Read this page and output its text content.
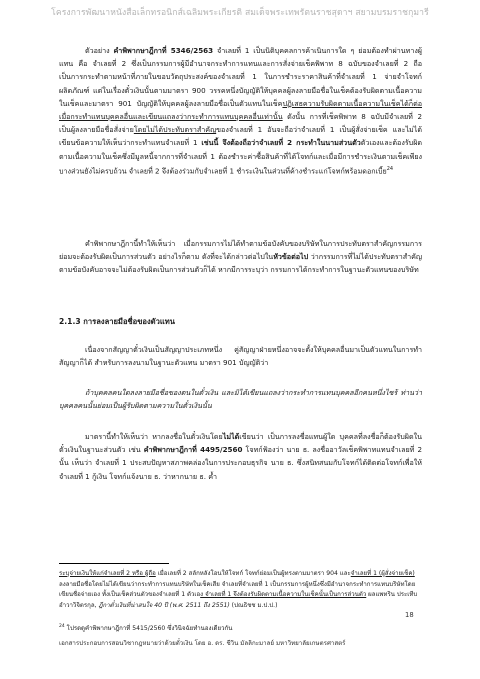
โครงการพัฒนาหนังสือเล็กทรอนิกส์เฉลิมพระเกียรติ สมเด็จพระเทพรัตนราชสุดาฯ สยามบรมราชกุมารี

ตัวอย่าง คำพิพากษาฎีกาที่ 5346/2563 จำเลยที่ 1 เป็นนิติบุคคลการค้าเนินการใด ๆ ย่อมต้องทำผ่านทางผู้แทน คือ จำเลยที่ 2 ซึ่งเป็นกรรมการผู้มีอำนาจกระทำการแทนและการสั่งจ่ายเช็คพิพาท 8 ฉบับของจำเลยที่ 2 ถือเป็นการกระทำตามหน้าที่ภายในขอบวัตถุประสงค์ของจำเลยที่ 1 ในการชำระราคาสินค้าที่จำเลยที่ 1 จ่ายจำโจทก์ผลิตภัณฑ์ แต่ในเรื่องตั๋วเงินนั้นตามมาตรา 900 วรรคหนึ่งบัญญัติให้บุคคลผู้ลงลายมือชื่อในเช็คต้องรับผิดตามเนื้อความในเช็คและมาตรา 901 บัญญัติให้บุคคลผู้ลงลายมือชื่อเป็นตัวแทนในเช็คปฏิเสธความรับผิดตามเนื้อความในเช็คได้ก็ต่อเมื่อกระทำแทนบุคคลอื่นและเขียนแถลงว่ากระทำการแทนบุคคลอื่นเท่านั้น ดังนั้น การที่เช็คพิพาท 8 ฉบับมีจำเลยที่ 2 เป็นผู้ลงลายมือชื่อสั่งจ่ายโดยไม่ได้ประทับตราสำคัญของจำเลยที่ 1 อันจะถือว่าจำเลยที่ 1 เป็นผู้สั่งจ่ายเช็ค และไม่ได้เขียนข้อความให้เห็นว่ากระทำแทนจำเลยที่ 1 เช่นนี้ จึงต้องถือว่าจำเลยที่ 2 กระทำในนามส่วนตัวตัวเองและต้องรับผิดตามเนื้อความในเช็คซึ่งมีมูลหนี้จากการที่จำเลยที่ 1 ต้องชำระค่าซื้อสินค้าที่ได้โจทก์และเมื่อมีการชำระเงินตามเช็คเพียงบางส่วนยังไม่ครบถ้วน จำเลยที่ 2 จึงต้องร่วมกับจำเลยที่ 1 ชำระเงินในส่วนที่ค้างชำระแก่โจทก์พร้อมดอกเบี้ย$^{24}$

คำพิพากษาฎีกานี้ทำให้เห็นว่า เมื่อกรรมการไม่ได้ทำตามข้อบังคับของบริษัทในการประทับตราสำคัญกรรมการย่อมจะต้องรับผิดเป็นการส่วนตัว อย่างไรก็ตาม ดังที่จะได้กล่าวต่อไปในหัวข้อต่อไป ว่ากรรมการที่ไม่ได้ประทับตราสำคัญตามข้อบังคับอาจจะไม่ต้องรับผิดเป็นการส่วนตัวก็ได้ หากมีการระบุว่า กรรมการได้กระทำการในฐานะตัวแทนของบริษัท

2.1.3 การลงลายมือชื่อของตัวแทน

เนื่องจากสัญญาตั๋วเงินเป็นสัญญาประเภทหนึ่ง คู่สัญญาฝ่ายหนึ่งอาจจะตั้งให้บุคคลอื่นมาเป็นตัวแทนในการทำสัญญาก็ได้ สำหรับการลงนามในฐานะตัวแทน มาตรา 901 บัญญัติว่า

ถ้าบุคคลคนใดลงลายมือชื่อของตนในตั๋วเงิน และมิได้เขียนแถลงว่ากระทำการแทนบุคคลอีกคนหนึ่งไซร้ ท่านว่าบุคคลคนนั้นย่อมเป็นผู้รับผิดตามความในตั๋วเงินนั้น

มาตรานี้ทำให้เห็นว่า หากลงชื่อในตั๋วเงินโดยไม่ได้เขียนว่า เป็นการลงชื่อแทนผู้ใด บุคคลที่ลงชื่อก็ต้องรับผิดในตั๋วเงินในฐานะส่วนตัว เช่น คำพิพากษาฎีกาที่ 4495/2560 โจทก์ฟ้องว่า นาย ธ. ลงชื่ออาวัลเช็คพิพาทแทนจำเลยที่ 2 นั้น เห็นว่า จำเลยที่ 1 ประสบปัญหาสภาพคล่องในการประกอบธุรกิจ นาย ธ. ซึ่งสนิทสนมกับโจทก์ได้ติดต่อโจทก์เพื่อให้จำเลยที่ 1 กู้เงิน โจทก์แจ้งนาย ธ. ว่าหากนาย ธ. ค้ำ

ระบุจ่ายเงินให้แก่จำเลยที่ 2 หรือ ผู้ถือ เมื่อเลยที่ 2 สลักหลังโอนให้โจทก์ โจทก์ย่อมเป็นผู้ทรงตามมาตรา 904 และจำเลยที่ 1 (ผู้สั่งจ่ายเช็ค) ลงลายมือชื่อโดยไม่ได้เขียนว่ากระทำการแทนบริษัทในเช็คเสีย จำเลยที่จำเลยที่ 1 เป็นกรรมการผู้หนึ่งซึ่งมีอำนาจกระทำการแทนบริษัทโดยเขียนชื่อจ่ายเอง ทั้งเป็นเช็คส่วนตัวของจำเลยที่ 1 ตัวเอง จำเลยที่ 1 จึงต้องรับผิดตามเนื้อความในเช็คนั้นเป็นการส่วนตัว ผลแพทริน ประเทีบ อำวาวิจิตรกุล, ฎีกาตั๋วเงินที่น่าสนใจ 40 ปี (พ.ศ. 2511 ถึง 2551) (ปณธิชช ม.ป.ป.)

$^{24}$ โปรดดูคำพิพากษาฎีกาที่ 5415/2560 ซึ่งวินิจฉัยทำนองเดียวกัน

18
เอกสารประกอบการสอนวิชากฎหมายว่าด้วยตั๋วเงิน โดย อ. ดร. ชีวิน มัลลิกะมาลย์ มหาวิทยาลัยเกษตรศาสตร์
